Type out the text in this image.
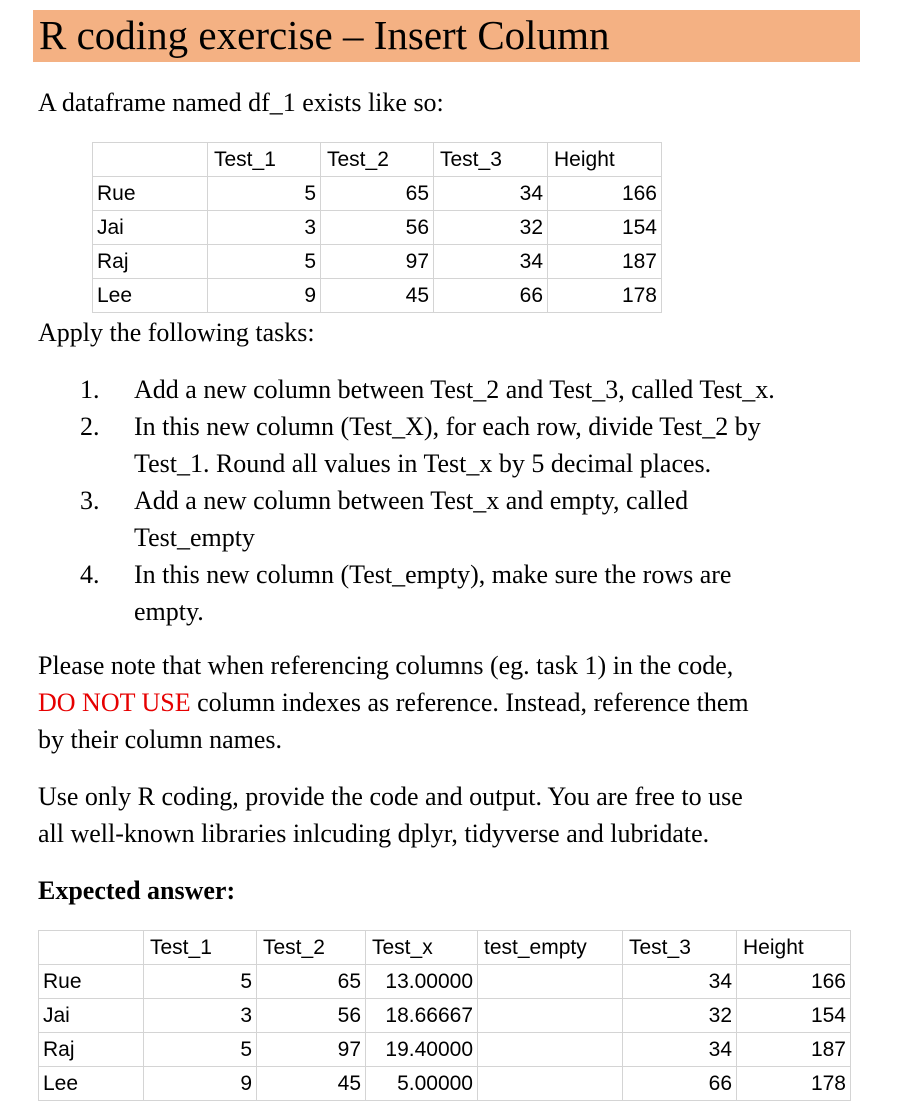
R coding exercise – Insert Column
A dataframe named df_1 exists like so:
	Test_1	Test_2	Test_3	Height
Rue	5	65	34	166
Jai	3	56	32	154
Raj	5	97	34	187
Lee	9	45	66	178
Apply the following tasks:
1. Add a new column between Test_2 and Test_3, called Test_x.
2. In this new column (Test_X), for each row, divide Test_2 by
Test_1. Round all values in Test_x by 5 decimal places.
3. Add a new column between Test_x and empty, called
Test_empty
4. In this new column (Test_empty), make sure the rows are
empty.
Please note that when referencing columns (eg. task 1) in the code,
DO NOT USE column indexes as reference. Instead, reference them
by their column names.
Use only R coding, provide the code and output. You are free to use
all well-known libraries inlcuding dplyr, tidyverse and lubridate.
Expected answer:
	Test_1	Test_2	Test_x	test_empty	Test_3	Height
Rue	5	65	13.00000		34	166
Jai	3	56	18.66667		32	154
Raj	5	97	19.40000		34	187
Lee	9	45	5.00000		66	178
